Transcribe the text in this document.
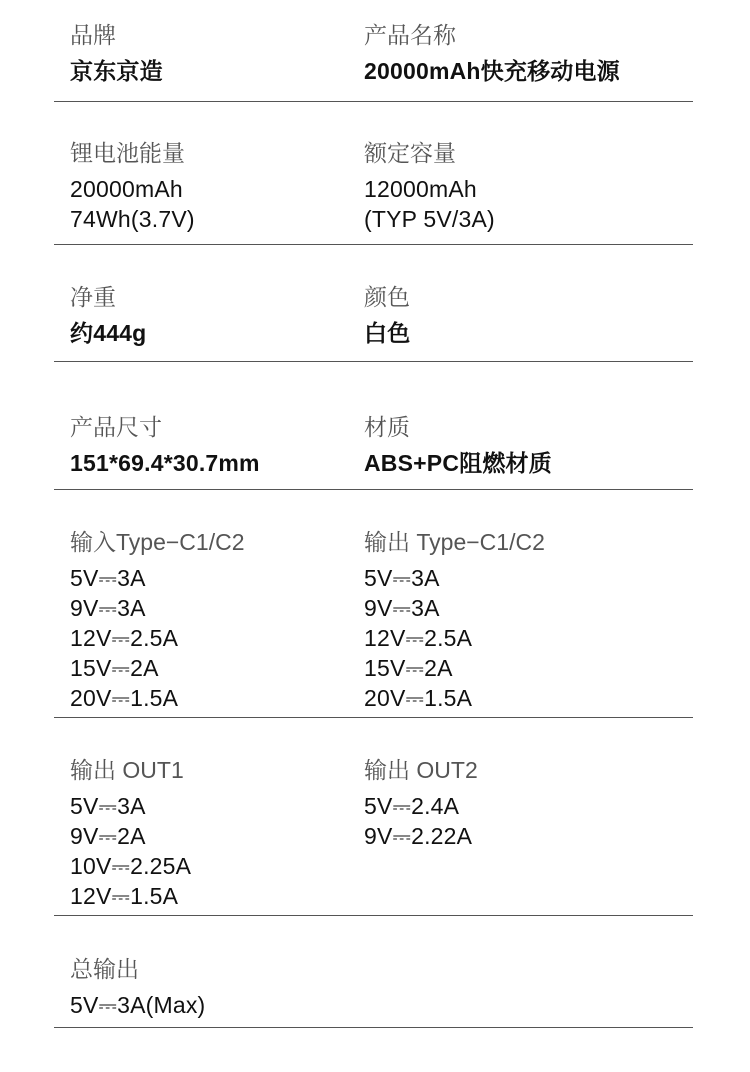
品牌
京东京造
产品名称
20000mAh快充移动电源
锂电池能量
20000mAh
74Wh(3.7V)
额定容量
12000mAh
(TYP 5V/3A)
净重
约444g
颜色
白色
产品尺寸
151*69.4*30.7mm
材质
ABS+PC阻燃材质
输入Type−C1/C2
5V⎓3A
9V⎓3A
12V⎓2.5A
15V⎓2A
20V⎓1.5A
输出 Type−C1/C2
5V⎓3A
9V⎓3A
12V⎓2.5A
15V⎓2A
20V⎓1.5A
输出 OUT1
5V⎓3A
9V⎓2A
10V⎓2.25A
12V⎓1.5A
输出 OUT2
5V⎓2.4A
9V⎓2.22A
总输出
5V⎓3A(Max)
